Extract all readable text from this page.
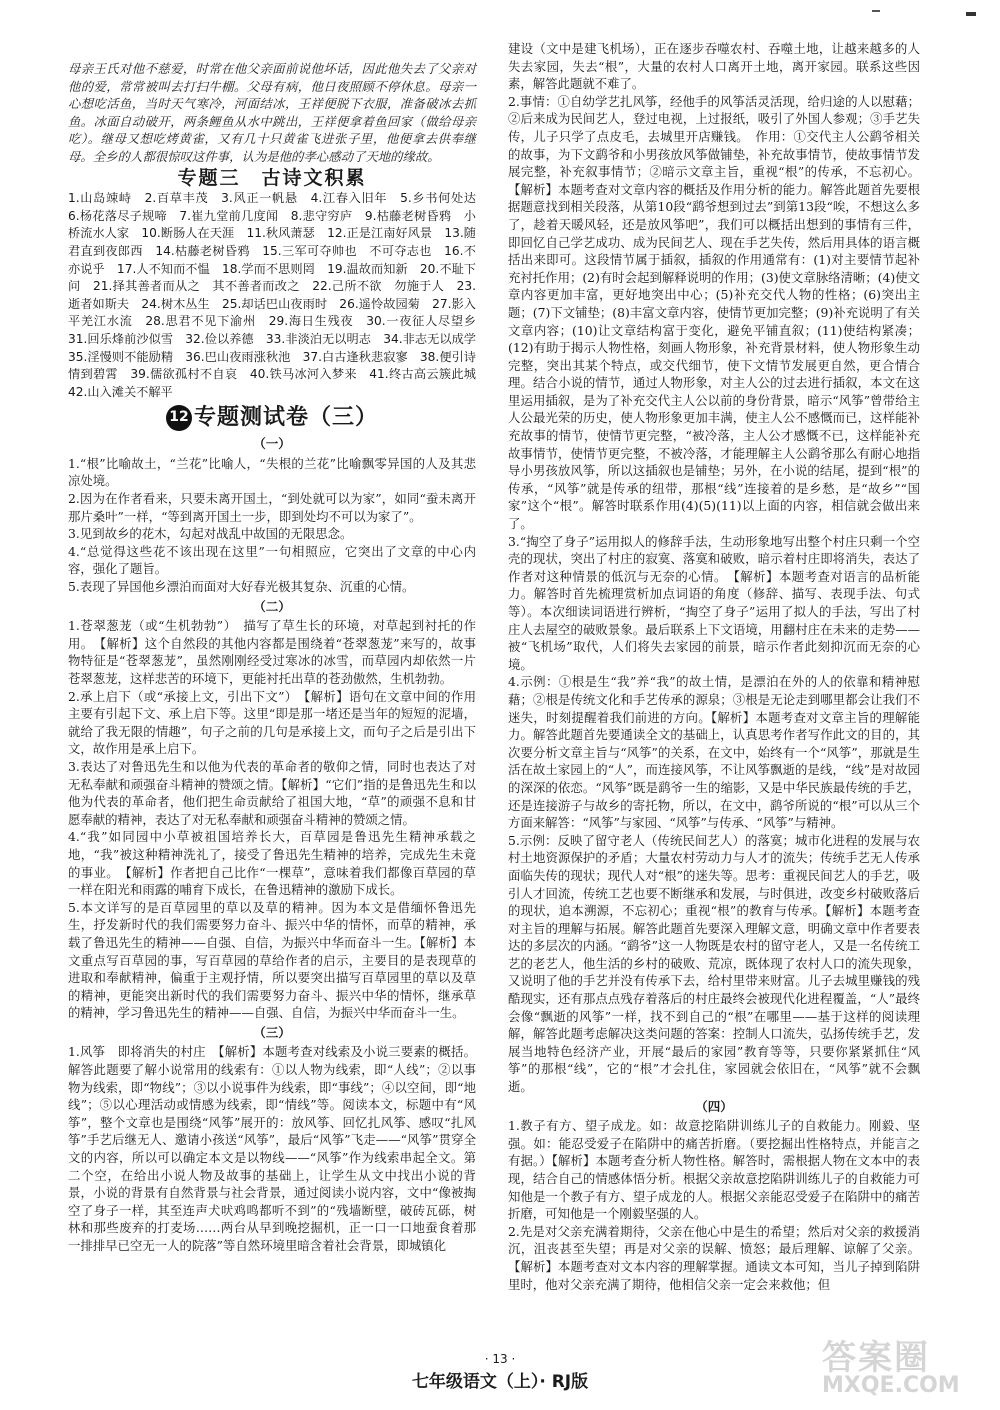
母亲王氏对他不慈爱，时常在他父亲面前说他坏话，因此他失去了父亲对他的爱，常常被叫去打扫牛棚。父母有病，他日夜照顾不停休息。母亲一心想吃活鱼，当时天气寒冷，河面结冰，王祥便脱下衣服，准备破冰去抓鱼。冰面自动破开，两条鲤鱼从水中跳出，王祥便拿着鱼回家（做给母亲吃）。继母又想吃烤黄雀，又有几十只黄雀飞进张子里，他便拿去供奉继母。全乡的人都很惊叹这件事，认为是他的孝心感动了天地的缘故。

专题三　古诗文积累

1.山岛竦峙　2.百草丰茂　3.风正一帆悬　4.江春入旧年　5.乡书何处达　6.杨花落尽子规啼　7.崔九堂前几度闻　8.悲守穷庐　9.枯藤老树昏鸦　小桥流水人家　10.断肠人在天涯　11.秋风萧瑟　12.正是江南好风景　13.随君直到夜郎西　14.枯藤老树昏鸦　15.三军可夺帅也　不可夺志也　16.不亦说乎　17.人不知而不愠　18.学而不思则罔　19.温故而知新　20.不耻下问　21.择其善者而从之　其不善者而改之　22.己所不欲　勿施于人　23.逝者如斯夫　24.树木丛生　25.却话巴山夜雨时　26.遥怜故园菊　27.影入平羌江水流　28.思君不见下渝州　29.海日生残夜　30.一夜征人尽望乡　31.回乐烽前沙似雪　32.俭以养德　33.非淡泊无以明志　34.非志无以成学　35.淫慢则不能励精　36.巴山夜雨涨秋池　37.白古逢秋悲寂寥　38.便引诗情到碧霄　39.儒欲孤村不自哀　40.铁马冰河入梦来　41.终古高云簇此城　42.山入滩关不解平

12 专题测试卷（三）
（一）

1.“根”比喻故土，“兰花”比喻人，“失根的兰花”比喻飘零异国的人及其悲凉处境。

2.因为在作者看来，只要未离开国土，“到处就可以为家”，如同“蚕未离开那片桑叶”一样，“等到离开国土一步，即到处均不可以为家了”。

3.见到故乡的花木，勾起对战乱中故国的无限思念。

4.“总觉得这些花不该出现在这里”一句相照应，它突出了文章的中心内容，强化了题旨。

5.表现了异国他乡漂泊而面对大好春光极其复杂、沉重的心情。

（二）

1.苍翠葱茏（或“生机勃勃”）　描写了草生长的环境，对草起到衬托的作用。　【解析】这个自然段的其他内容都是围绕着“苍翠葱茏”来写的，故事物特征是“苍翠葱茏”，虽然刚刚经受过寒冰的冰雪，而草园内却依然一片苍翠葱茏，这样悲苦的环境下，更能衬托出草的苍劲傲然，生机勃勃。

2.承上启下（或“承接上文，引出下文”）　【解析】语句在文章中间的作用主要有引起下文、承上启下等。这里“即是那一堵还是当年的短短的泥墙，就给了我无限的情趣”，句子之前的几句是承接上文，而句子之后是引出下文，故作用是承上启下。

3.表达了对鲁迅先生和以他为代表的革命者的敬仰之情，同时也表达了对无私奉献和顽强奋斗精神的赞颂之情。【解析】“它们”指的是鲁迅先生和以他为代表的革命者，他们把生命贡献给了祖国大地，“草”的顽强不息和甘愿奉献的精神，表达了对无私奉献和顽强奋斗精神的赞颂之情。

4.“我”如同园中小草被祖国培养长大，百草园是鲁迅先生精神承载之地，“我”被这种精神洗礼了，接受了鲁迅先生精神的培养，完成先生未竟的事业。　【解析】作者把自己比作“一棵草”，意味着我们都像百草园的草一样在阳光和雨露的哺育下成长，在鲁迅精神的激励下成长。

5.本文详写的是百草园里的草以及草的精神。因为本文是借缅怀鲁迅先生，抒发新时代的我们需要努力奋斗、振兴中华的情怀，而草的精神，承载了鲁迅先生的精神——自强、自信，为振兴中华而奋斗一生。【解析】本文重点写百草园的事，写百草园的草给作者的启示，主要目的是表现草的进取和奉献精神，偏重于主观抒情，所以要突出描写百草园里的草以及草的精神，更能突出新时代的我们需要努力奋斗、振兴中华的情怀，继承草的精神，学习鲁迅先生的精神——自强、自信，为振兴中华而奋斗一生。

（三）

1.风筝　即将消失的村庄　【解析】本题考查对线索及小说三要素的概括。解答此题要了解小说常用的线索有：①以人物为线索，即“人线”；②以事物为线索，即“物线”；③以小说事件为线索，即“事线”；④以空间，即“地线”；⑤以心理活动或情感为线索，即“情线”等。阅读本文，标题中有“风筝”，整个文章也是围绕“风筝”展开的：放风筝、回忆扎风筝、感叹“扎风筝”手艺后继无人、邀请小孩送“风筝”，最后“风筝”飞走——“风筝”贯穿全文的内容，所以可以确定本文是以物线——“风筝”作为线索串起全文。第二个空，在给出小说人物及故事的基础上，让学生从文中找出小说的背景，小说的背景有自然背景与社会背景，通过阅读小说内容，文中“像被掏空了身子一样，其至连声犬吠鸡鸣都听不到”的“残墙断壁，破砖瓦砾，树林和那些废弃的打麦场……两台从早到晚挖掘机，正一口一口地蚕食着那一排排早已空无一人的院落”等自然环境里暗含着社会背景，即城镇化

建设（文中是建飞机场），正在逐步吞噬农村、吞噬土地，让越来越多的人失去家园，失去“根”，大量的农村人口离开土地，离开家园。联系这些因素，解答此题就不难了。

2.事情：①自幼学艺扎风筝，经他手的风筝活灵活现，给归途的人以慰藉；②后来成为民间艺人，登过电视，上过报纸，吸引了外国人参观；③手艺失传，儿子只学了点皮毛，去城里开店赚钱。　作用：①交代主人公鹞爷相关的故事，为下文鹞爷和小男孩放风筝做铺垫，补充故事情节，使故事情节发展完整，补充叙事情节；②暗示文章主旨，重视“根”的传承，不忘初心。【解析】本题考查对文章内容的概括及作用分析的能力。解答此题首先要根据题意找到相关段落，从第10段“鹞爷想到过去”到第13段“唉，不想这么多了，趁着天暖风轻，还是放风筝吧”，我们可以概括出想到的事情有三件，即回忆自己学艺成功、成为民间艺人、现在手艺失传，然后用具体的语言概括出来即可。这段情节属于插叙，插叙的作用通常有：(1)对主要情节起补充衬托作用；(2)有时会起到解释说明的作用；(3)使文章脉络清晰；(4)使文章内容更加丰富，更好地突出中心；(5)补充交代人物的性格；(6)突出主题；(7)下文铺垫；(8)丰富文章内容，使情节更加完整；(9)补充说明了有关文章内容；(10)让文章结构富于变化，避免平铺直叙；(11)使结构紧凑；(12)有助于揭示人物性格，刻画人物形象，补充背景材料，使人物形象生动完整，突出其某个特点，或交代细节，使下文情节发展更自然，更合情合理。结合小说的情节，通过人物形象，对主人公的过去进行插叙，本文在这里运用插叙，是为了补充交代主人公以前的身份背景，暗示“风筝”曾带给主人公最光荣的历史，使人物形象更加丰满，使主人公不感慨而已，这样能补充故事的情节，使情节更完整，“被冷落，主人公才感慨不已，这样能补充故事情节，使情节更完整，不被冷落，才能理解主人公鹞爷那么有耐心地指导小男孩放风筝，所以这插叙也是铺垫；另外，在小说的结尾，提到“根”的传承，“风筝”就是传承的纽带，那根“线”连接着的是乡愁，是“故乡”“国家”这个“根”。解答时联系作用(4)(5)(11)以上面的内容，相信就会做出来了。

3.“掏空了身子”运用拟人的修辞手法，生动形象地写出整个村庄只剩一个空壳的现状，突出了村庄的寂寞、落寞和破败，暗示着村庄即将消失，表达了作者对这种情景的低沉与无奈的心情。　【解析】本题考查对语言的品析能力。解答时首先梳理赏析加点词语的角度（修辞、描写、表现手法、句式等）。本次细读词语进行辨析，“掏空了身子”运用了拟人的手法，写出了村庄人去屋空的破败景象。最后联系上下文语境，用翻村庄在未来的走势——被“飞机场”取代，人们将失去家园的前景，暗示作者此刻抑沉而无奈的心境。

4.示例：①根是生“我”养“我”的故土情，是漂泊在外的人的依靠和精神慰藉；②根是传统文化和手艺传承的源泉；③根是无论走到哪里都会让我们不迷失，时刻提醒着我们前进的方向。【解析】本题考查对文章主旨的理解能力。解答此题首先要通读全文的基础上，认真思考作者写作此文的目的，其次要分析文章主旨与“风筝”的关系，在文中，始终有一个“风筝”，那就是生活在故土家园上的“人”，而连接风筝，不让风筝飘逝的是线，“线”是对故园的深深的依恋。“风筝”既是鹞爷一生的缩影，又是中华民族最传统的手艺，还是连接游子与故乡的寄托物，所以，在文中，鹞爷所说的“根”可以从三个方面来解答：“风筝”与家园、“风筝”与传承、“风筝”与精神。

5.示例：反映了留守老人（传统民间艺人）的落寞；城市化进程的发展与农村土地资源保护的矛盾；大量农村劳动力与人才的流失；传统手艺无人传承面临失传的现状；现代人对“根”的迷失等。思考：重视民间艺人的手艺，吸引人才回流，传统工艺也要不断继承和发展，与时俱进，改变乡村破败落后的现状，追本溯源，不忘初心；重视“根”的教育与传承。【解析】本题考查对主旨的理解与拓展。解答此题首先要深入理解文意，明确文章中作者要表达的多层次的内涵。“鹞爷”这一人物既是农村的留守老人，又是一名传统工艺的老艺人，他生活的乡村的破败、荒凉，既体现了农村人口的流失现象，又说明了他的手艺并没有传承下去，给村里带来财富。儿子去城里赚钱的残酷现实，还有那点点残存着落后的村庄最终会被现代化进程覆盖，“人”最终会像“飘逝的风筝”一样，找不到自己的“根”在哪里——基于这样的阅读理解，解答此题考虑解决这类问题的答案：控制人口流失，弘扬传统手艺，发展当地特色经济产业，开展“最后的家园”教育等等，只要你紧紧抓住“风筝”的那根“线”，它的“根”才会扎住，家园就会依旧在，“风筝”就不会飘逝。

（四）

1.教子有方、望子成龙。如：故意挖陷阱训练儿子的自救能力。刚毅、坚强。如：能忍受爱子在陷阱中的痛苦折磨。（要挖掘出性格特点，并能言之有据。）【解析】本题考查分析人物性格。解答时，需根据人物在文本中的表现，结合自己的情感体悟分析。根据父亲故意挖陷阱训练儿子的自救能力可知他是一个教子有方、望子成龙的人。根据父亲能忍受爱子在陷阱中的痛苦折磨，可知他是一个刚毅坚强的人。

2.先是对父亲充满着期待，父亲在他心中是生的希望；然后对父亲的救援消沉，沮丧甚至失望；再是对父亲的误解、愤怒；最后理解、谅解了父亲。【解析】本题考查对文本内容的理解掌握。通读文本可知，当儿子掉到陷阱里时，他对父亲充满了期待，他相信父亲一定会来救他；但

· 13 ·
七年级语文（上）· RJ版
答案圈
MXQE.COM
